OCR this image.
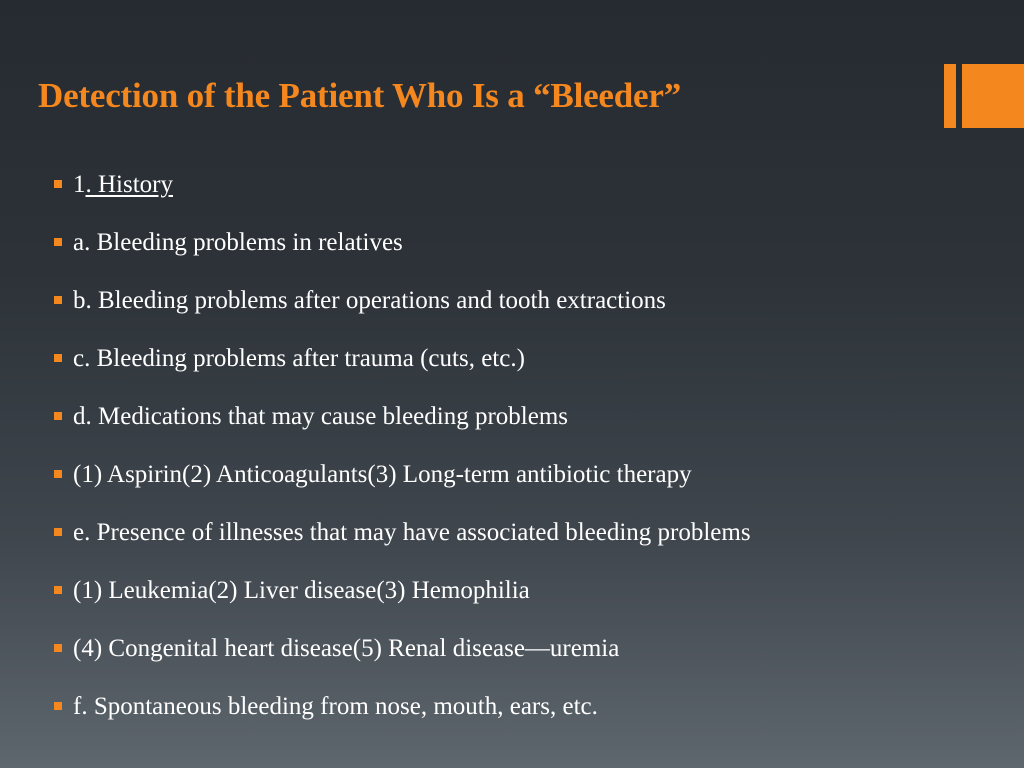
Detection of the Patient Who Is a “Bleeder”
1. History
a. Bleeding problems in relatives
b. Bleeding problems after operations and tooth extractions
c. Bleeding problems after trauma (cuts, etc.)
d. Medications that may cause bleeding problems
(1) Aspirin(2) Anticoagulants(3) Long-term antibiotic therapy
e. Presence of illnesses that may have associated bleeding problems
(1) Leukemia(2) Liver disease(3) Hemophilia
(4) Congenital heart disease(5) Renal disease—uremia
f. Spontaneous bleeding from nose, mouth, ears, etc.
